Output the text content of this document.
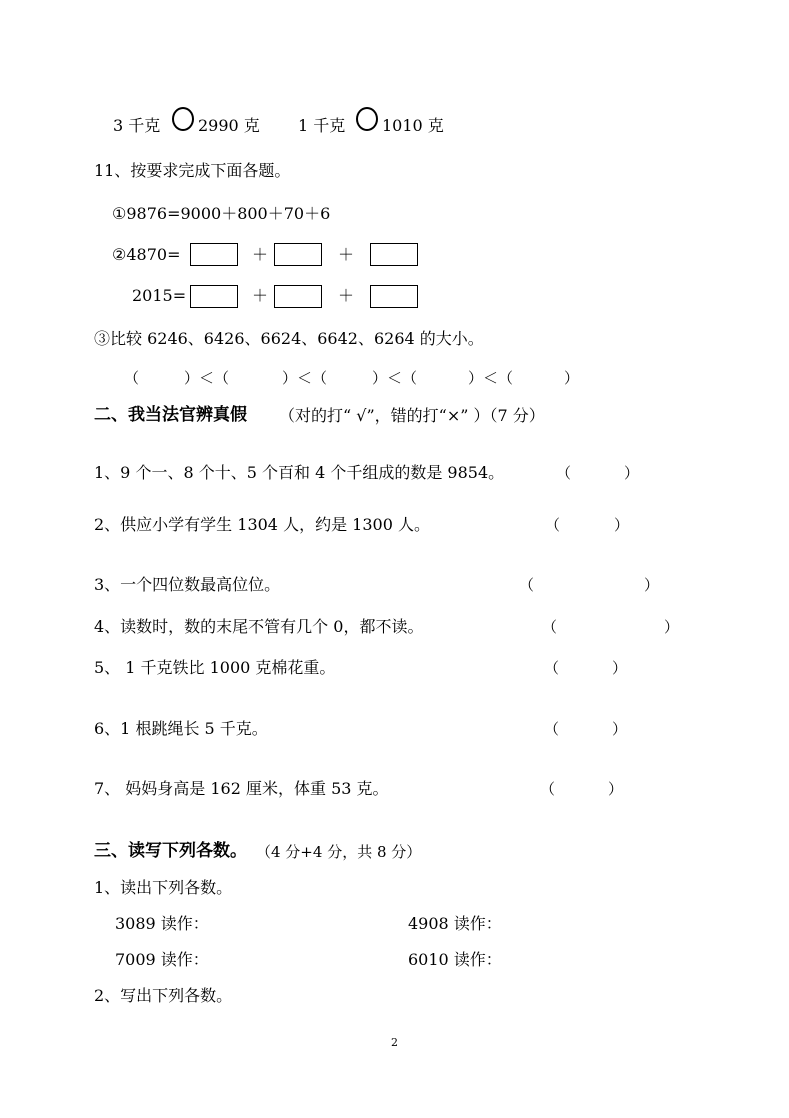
3 千克 2990 克 1 千克 1010 克
11、按要求完成下面各题。
①9876=9000＋800＋70＋6
②4870=	＋	＋
2015=	＋	＋
③比较 6246、6426、6624、6642、6264 的大小。
（	）＜（	）＜（	）＜（	）＜（	）
二、我当法官辨真假 （对的打“ √”，错的打“×” ）（7 分）
1、9 个一、8 个十、5 个百和 4 个千组成的数是 9854。	（	）
2、供应小学有学生 1304 人，约是 1300 人。	（	）
3、一个四位数最高位位。	（	）
4、读数时，数的末尾不管有几个 0，都不读。	（	）
5、 1 千克铁比 1000 克棉花重。	（	）
6、1 根跳绳长 5 千克。	（	）
7、 妈妈身高是 162 厘米，体重 53 克。	（	）
三、读写下列各数。 （4 分+4 分，共 8 分）
1、读出下列各数。
3089 读作：	4908 读作：
7009 读作：	6010 读作：
2、写出下列各数。
2
